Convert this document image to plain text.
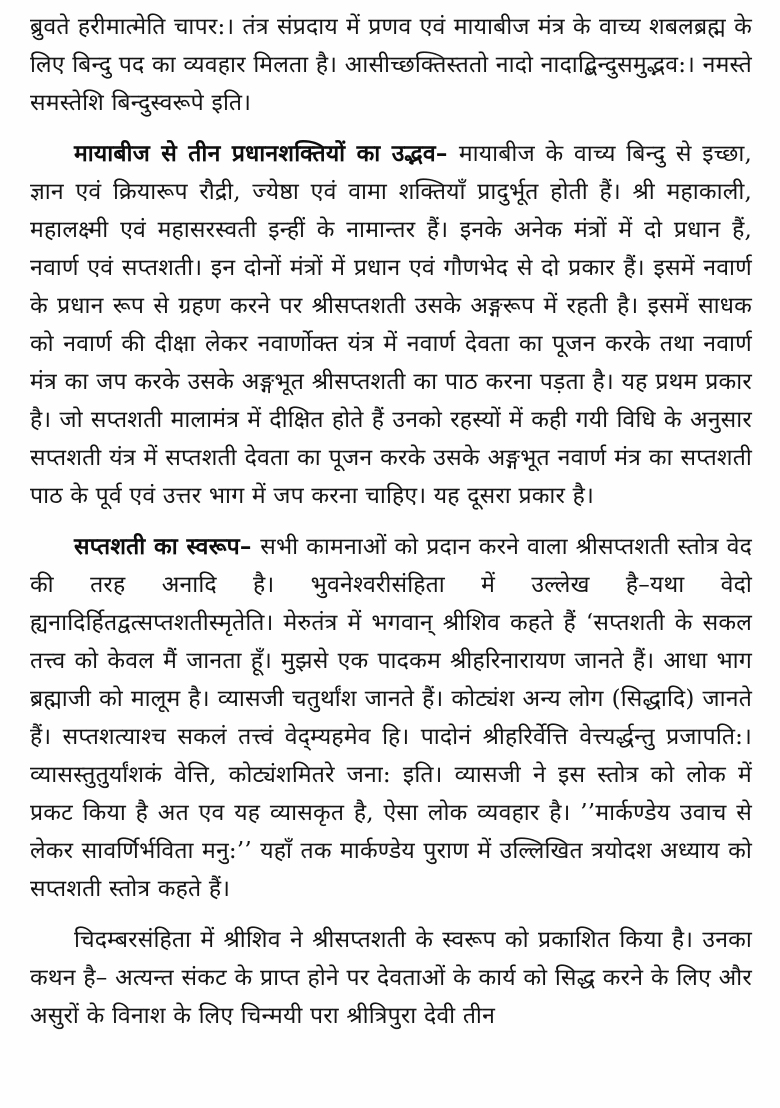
ब्रुवते हरीमात्मेति चापर:। तंत्र संप्रदाय में प्रणव एवं मायाबीज मंत्र के वाच्य शबलब्रह्म के लिए बिन्दु पद का व्यवहार मिलता है। आसीच्छक्तिस्ततो नादो नादाद्बिन्दुसमुद्भव:। नमस्ते समस्तेशि बिन्दुस्वरूपे इति।

मायाबीज से तीन प्रधानशक्तियों का उद्भव– मायाबीज के वाच्य बिन्दु से इच्छा, ज्ञान एवं क्रियारूप रौद्री, ज्येष्ठा एवं वामा शक्तियाँ प्रादुर्भूत होती हैं। श्री महाकाली, महालक्ष्मी एवं महासरस्वती इन्हीं के नामान्तर हैं। इनके अनेक मंत्रों में दो प्रधान हैं, नवार्ण एवं सप्तशती। इन दोनों मंत्रों में प्रधान एवं गौणभेद से दो प्रकार हैं। इसमें नवार्ण के प्रधान रूप से ग्रहण करने पर श्रीसप्तशती उसके अङ्गरूप में रहती है। इसमें साधक को नवार्ण की दीक्षा लेकर नवार्णोक्त यंत्र में नवार्ण देवता का पूजन करके तथा नवार्ण मंत्र का जप करके उसके अङ्गभूत श्रीसप्तशती का पाठ करना पड़ता है। यह प्रथम प्रकार है। जो सप्तशती मालामंत्र में दीक्षित होते हैं उनको रहस्यों में कही गयी विधि के अनुसार सप्तशती यंत्र में सप्तशती देवता का पूजन करके उसके अङ्गभूत नवार्ण मंत्र का सप्तशती पाठ के पूर्व एवं उत्तर भाग में जप करना चाहिए। यह दूसरा प्रकार है।

सप्तशती का स्वरूप– सभी कामनाओं को प्रदान करने वाला श्रीसप्तशती स्तोत्र वेद की तरह अनादि है। भुवनेश्वरीसंहिता में उल्लेख है–यथा वेदो ह्यनादिर्हितद्वत्सप्तशतीस्मृतेति। मेरुतंत्र में भगवान् श्रीशिव कहते हैं ‘सप्तशती के सकल तत्त्व को केवल मैं जानता हूँ। मुझसे एक पादकम श्रीहरिनारायण जानते हैं। आधा भाग ब्रह्माजी को मालूम है। व्यासजी चतुर्थांश जानते हैं। कोट्यंश अन्य लोग (सिद्धादि) जानते हैं। सप्तशत्याश्च सकलं तत्त्वं वेद्म्यहमेव हि। पादोनं श्रीहरिर्वेत्ति वेत्त्यर्द्धन्तु प्रजापति:। व्यासस्तुतुर्यांशकं वेत्ति, कोट्यंशमितरे जना: इति। व्यासजी ने इस स्तोत्र को लोक में प्रकट किया है अत एव यह व्यासकृत है, ऐसा लोक व्यवहार है। ’’मार्कण्डेय उवाच से लेकर सावर्णिर्भविता मनु:’’ यहाँ तक मार्कण्डेय पुराण में उल्लिखित त्रयोदश अध्याय को सप्तशती स्तोत्र कहते हैं।

चिदम्बरसंहिता में श्रीशिव ने श्रीसप्तशती के स्वरूप को प्रकाशित किया है। उनका कथन है– अत्यन्त संकट के प्राप्त होने पर देवताओं के कार्य को सिद्ध करने के लिए और असुरों के विनाश के लिए चिन्मयी परा श्रीत्रिपुरा देवी तीन
